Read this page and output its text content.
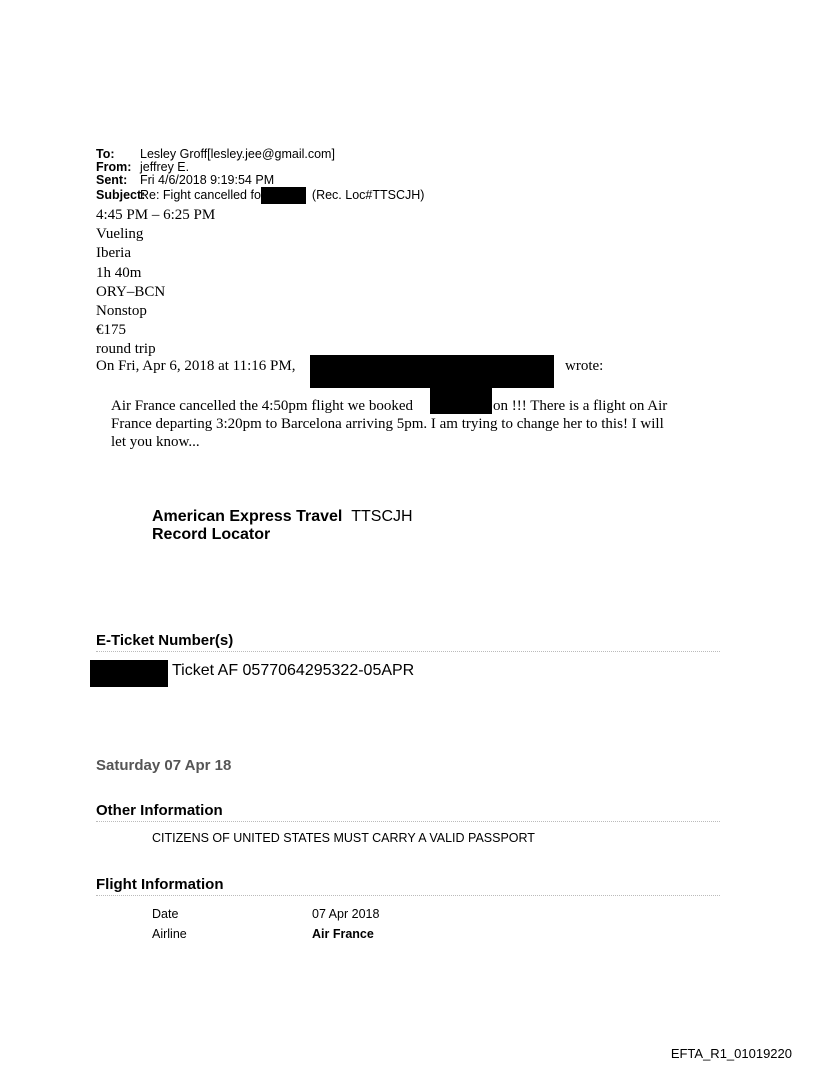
To: Lesley Groff[lesley.jee@gmail.com]
From: jeffrey E.
Sent: Fri 4/6/2018 9:19:54 PM
Subject:Re: Fight cancelled fo	(Rec. Loc#TTSCJH)
4:45 PM – 6:25 PM
Vueling
Iberia
1h 40m
ORY–BCN
Nonstop
€175
round trip
On Fri, Apr 6, 2018 at 11:16 PM,	wrote:
Air France cancelled the 4:50pm flight we booked	on !!! There is a flight on Air
France departing 3:20pm to Barcelona arriving 5pm. I am trying to change her to this! I will
let you know...
American Express Travel TTSCJH
Record Locator
E-Ticket Number(s)
Ticket AF 0577064295322-05APR
Saturday 07 Apr 18
Other Information
CITIZENS OF UNITED STATES MUST CARRY A VALID PASSPORT
Flight Information
Date	07 Apr 2018
Airline	Air France
EFTA_R1_01019220
